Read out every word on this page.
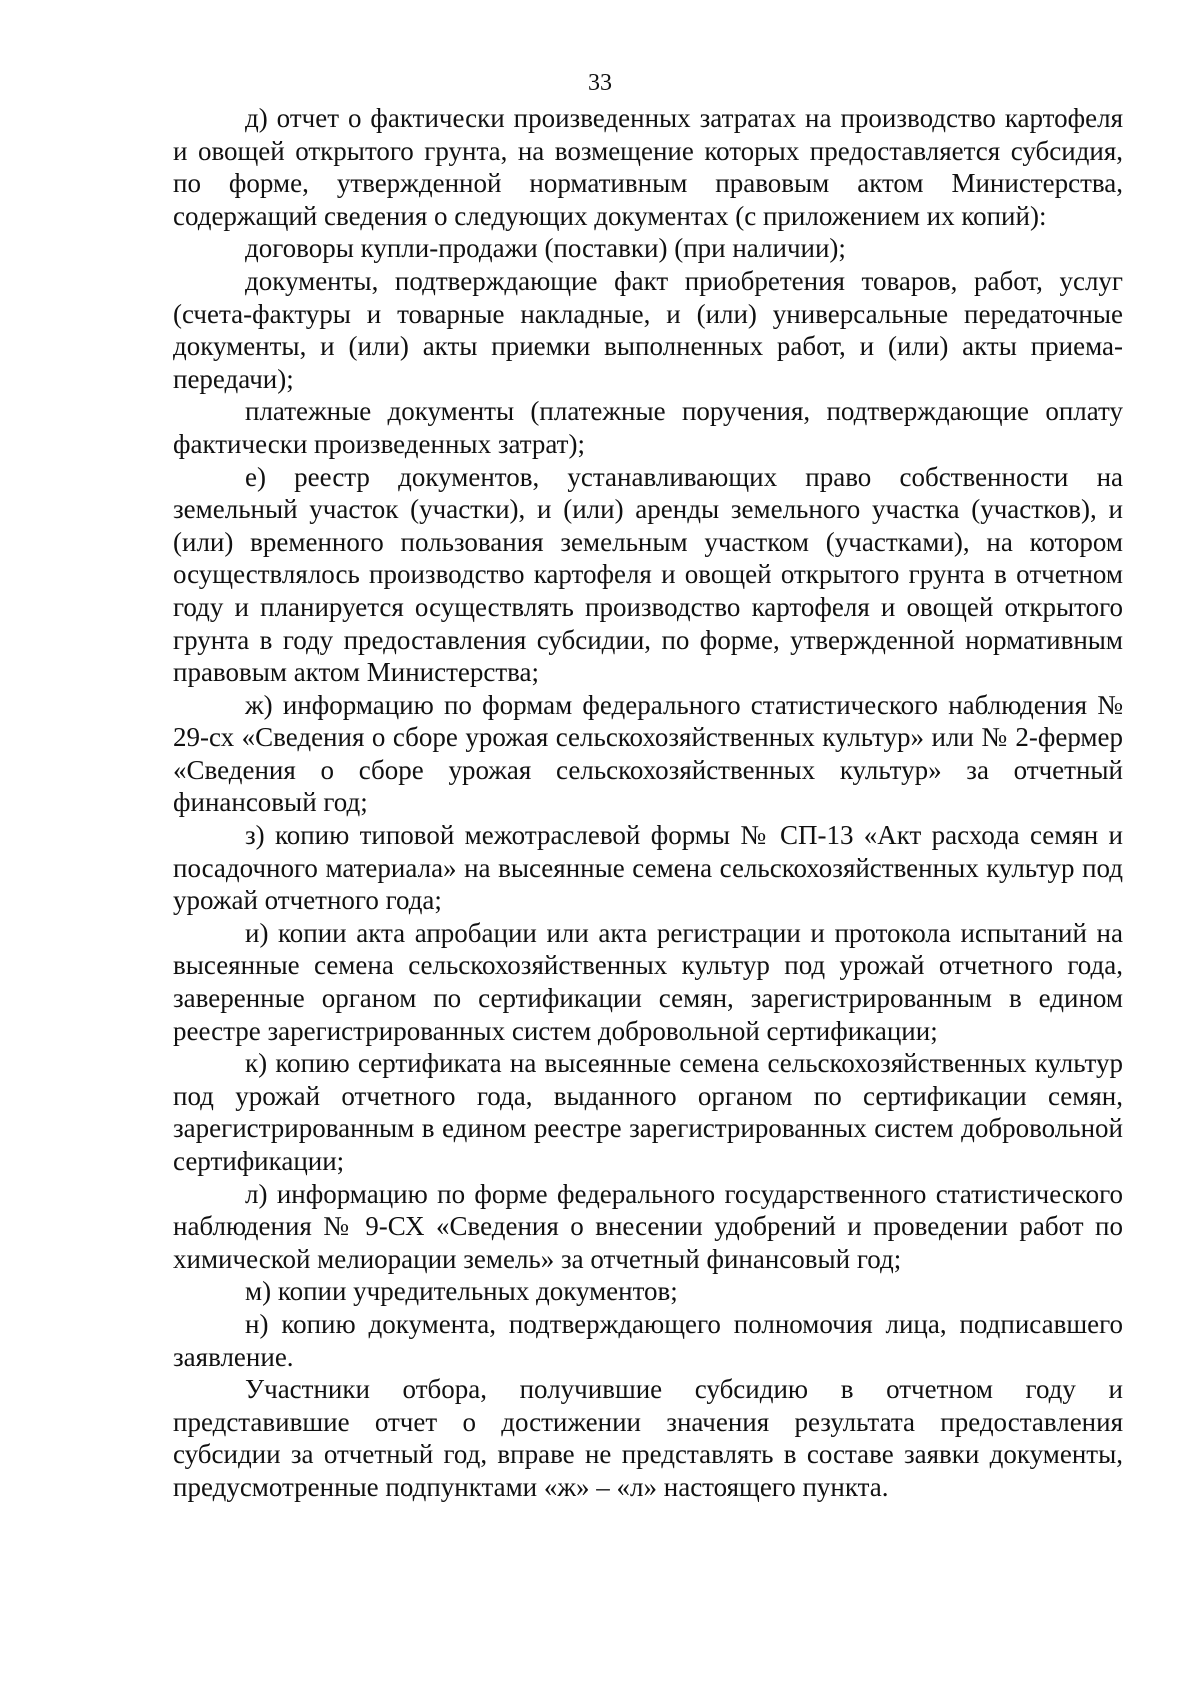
33

д) отчет о фактически произведенных затратах на производство картофеля и овощей открытого грунта, на возмещение которых предоставляется субсидия, по форме, утвержденной нормативным правовым актом Министерства, содержащий сведения о следующих документах (с приложением их копий):

договоры купли-продажи (поставки) (при наличии);

документы, подтверждающие факт приобретения товаров, работ, услуг (счета-фактуры и товарные накладные, и (или) универсальные передаточные документы, и (или) акты приемки выполненных работ, и (или) акты приема-передачи);

платежные документы (платежные поручения, подтверждающие оплату фактически произведенных затрат);

е) реестр документов, устанавливающих право собственности на земельный участок (участки), и (или) аренды земельного участка (участков), и (или) временного пользования земельным участком (участками), на котором осуществлялось производство картофеля и овощей открытого грунта в отчетном году и планируется осуществлять производство картофеля и овощей открытого грунта в году предоставления субсидии, по форме, утвержденной нормативным правовым актом Министерства;

ж) информацию по формам федерального статистического наблюдения № 29-сх «Сведения о сборе урожая сельскохозяйственных культур» или № 2-фермер «Сведения о сборе урожая сельскохозяйственных культур» за отчетный финансовый год;

з) копию типовой межотраслевой формы № СП-13 «Акт расхода семян и посадочного материала» на высеянные семена сельскохозяйственных культур под урожай отчетного года;

и) копии акта апробации или акта регистрации и протокола испытаний на высеянные семена сельскохозяйственных культур под урожай отчетного года, заверенные органом по сертификации семян, зарегистрированным в едином реестре зарегистрированных систем добровольной сертификации;

к) копию сертификата на высеянные семена сельскохозяйственных культур под урожай отчетного года, выданного органом по сертификации семян, зарегистрированным в едином реестре зарегистрированных систем добровольной сертификации;

л) информацию по форме федерального государственного статистического наблюдения № 9-СХ «Сведения о внесении удобрений и проведении работ по химической мелиорации земель» за отчетный финансовый год;

м) копии учредительных документов;

н) копию документа, подтверждающего полномочия лица, подписавшего заявление.

Участники отбора, получившие субсидию в отчетном году и представившие отчет о достижении значения результата предоставления субсидии за отчетный год, вправе не представлять в составе заявки документы, предусмотренные подпунктами «ж» – «л» настоящего пункта.
